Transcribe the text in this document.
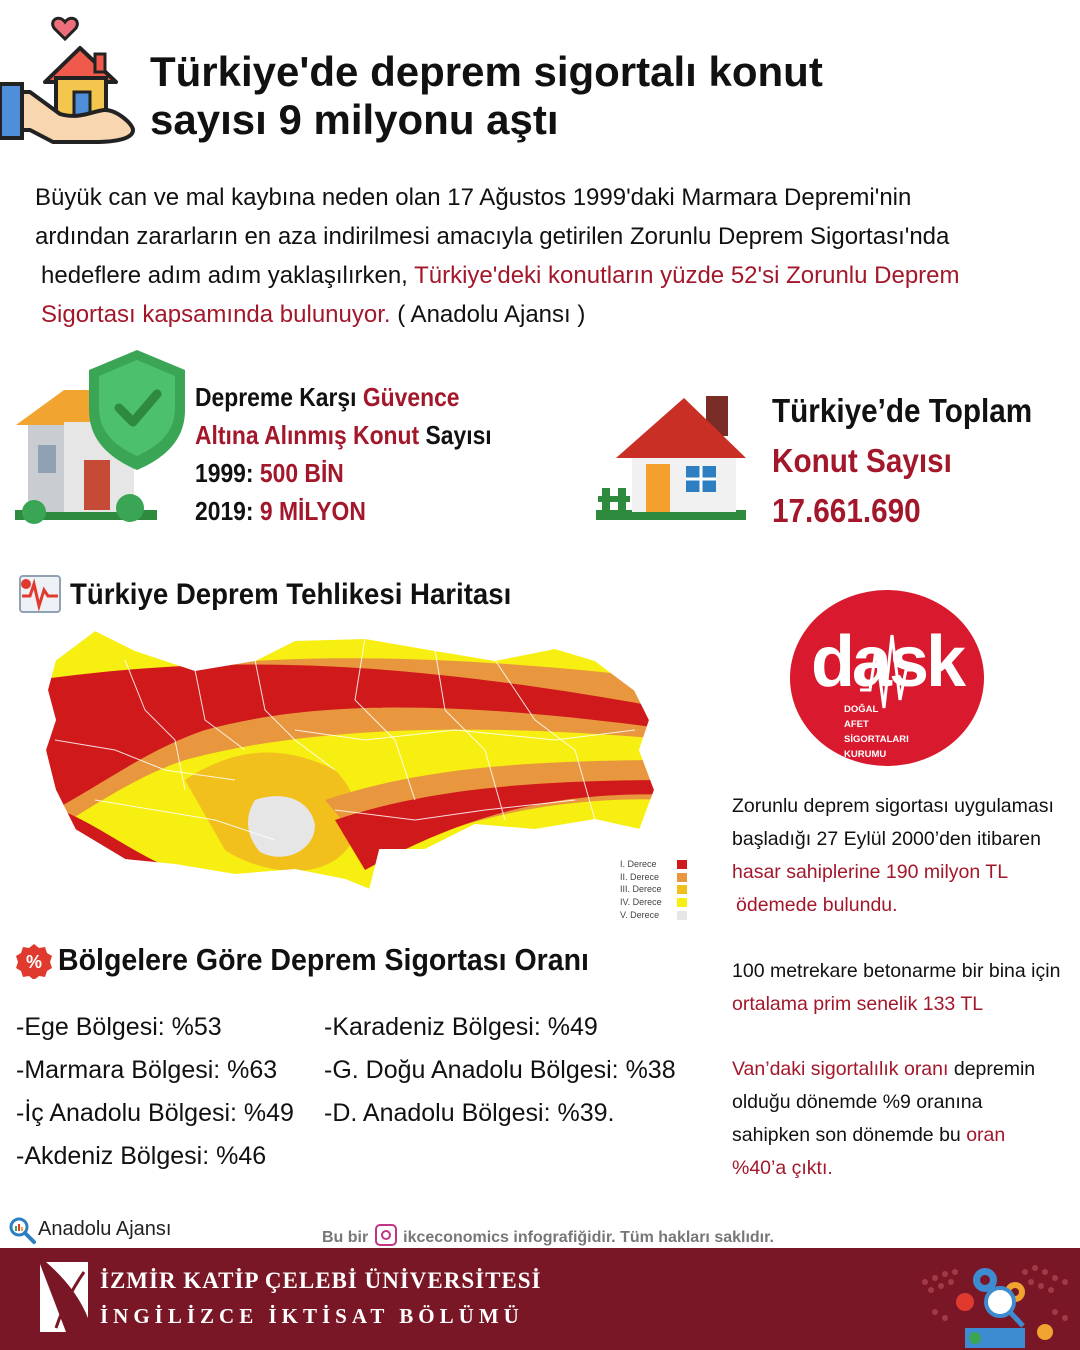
Türkiye'de deprem sigortalı konut
sayısı 9 milyonu aştı

Büyük can ve mal kaybına neden olan 17 Ağustos 1999'daki Marmara Depremi'nin

ardından zararların en aza indirilmesi amacıyla getirilen Zorunlu Deprem Sigortası'nda

hedeflere adım adım yaklaşılırken, Türkiye'deki konutların yüzde 52'si Zorunlu Deprem

Sigortası kapsamında bulunuyor. ( Anadolu Ajansı )

Depreme Karşı Güvence
Altına Alınmış Konut Sayısı
1999: 500 BİN
2019: 9 MİLYON
Türkiye’de Toplam
Konut Sayısı
17.661.690
Türkiye Deprem Tehlikesi Haritası
I. Derece
II. Derece
III. Derece
IV. Derece
V. Derece
dask
DOĞAL
AFET
SİGORTALARI
KURUMU

Zorunlu deprem sigortası uygulaması

başladığı 27 Eylül 2000’den itibaren

hasar sahiplerine 190 milyon TL

ödemede bulundu.

100 metrekare betonarme bir bina için

ortalama prim senelik 133 TL

Van’daki sigortalılık oranı depremin

olduğu dönemde %9 oranına

sahipken son dönemde bu oran

%40’a çıktı.

% Bölgelere Göre Deprem Sigortası Oranı
-Ege Bölgesi: %53
-Marmara Bölgesi: %63
-İç Anadolu Bölgesi: %49
-Akdeniz Bölgesi: %46
-Karadeniz Bölgesi: %49
-G. Doğu Anadolu Bölgesi: %38
-D. Anadolu Bölgesi: %39.
Anadolu Ajansı	Bu bir ikceconomics infografiğidir. Tüm hakları saklıdır.
İZMİR KATİP ÇELEBİ ÜNİVERSİTESİ
İNGİLİZCE İKTİSAT BÖLÜMÜ
